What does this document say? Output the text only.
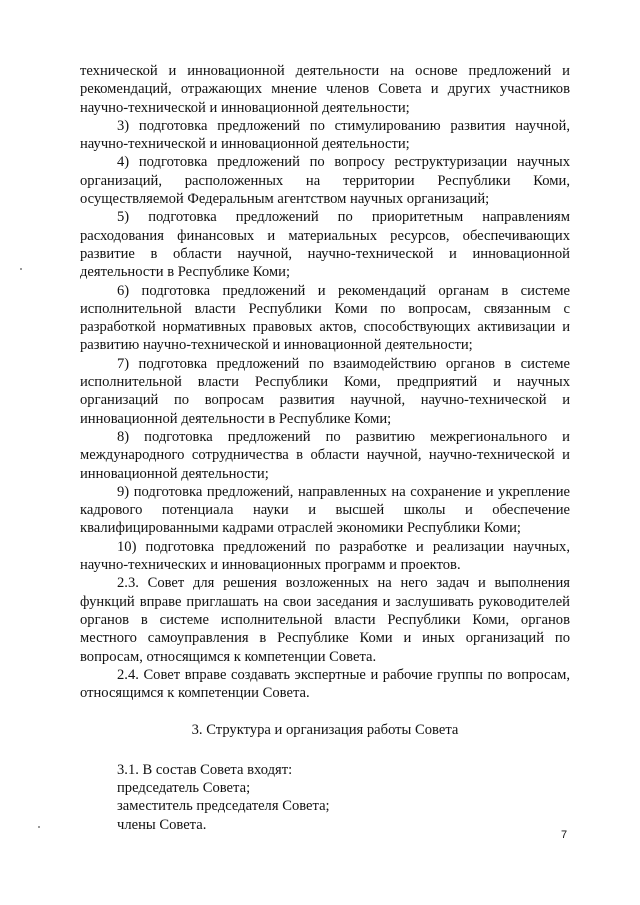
технической и инновационной деятельности на основе предложений и рекомендаций, отражающих мнение членов Совета и других участников научно-технической и инновационной деятельности;

3) подготовка предложений по стимулированию развития научной, научно-технической и инновационной деятельности;

4) подготовка предложений по вопросу реструктуризации научных организаций, расположенных на территории Республики Коми, осуществляемой Федеральным агентством научных организаций;

5) подготовка предложений по приоритетным направлениям расходования финансовых и материальных ресурсов, обеспечивающих развитие в области научной, научно-технической и инновационной деятельности в Республике Коми;

6) подготовка предложений и рекомендаций органам в системе исполнительной власти Республики Коми по вопросам, связанным с разработкой нормативных правовых актов, способствующих активизации и развитию научно-технической и инновационной деятельности;

7) подготовка предложений по взаимодействию органов в системе исполнительной власти Республики Коми, предприятий и научных организаций по вопросам развития научной, научно-технической и инновационной деятельности в Республике Коми;

8) подготовка предложений по развитию межрегионального и международного сотрудничества в области научной, научно-технической и инновационной деятельности;

9) подготовка предложений, направленных на сохранение и укрепление кадрового потенциала науки и высшей школы и обеспечение квалифицированными кадрами отраслей экономики Республики Коми;

10) подготовка предложений по разработке и реализации научных, научно-технических и инновационных программ и проектов.

2.3. Совет для решения возложенных на него задач и выполнения функций вправе приглашать на свои заседания и заслушивать руководителей органов в системе исполнительной власти Республики Коми, органов местного самоуправления в Республике Коми и иных организаций по вопросам, относящимся к компетенции Совета.

2.4. Совет вправе создавать экспертные и рабочие группы по вопросам, относящимся к компетенции Совета.

3. Структура и организация работы Совета

3.1. В состав Совета входят:

председатель Совета;

заместитель председателя Совета;

члены Совета.

7
